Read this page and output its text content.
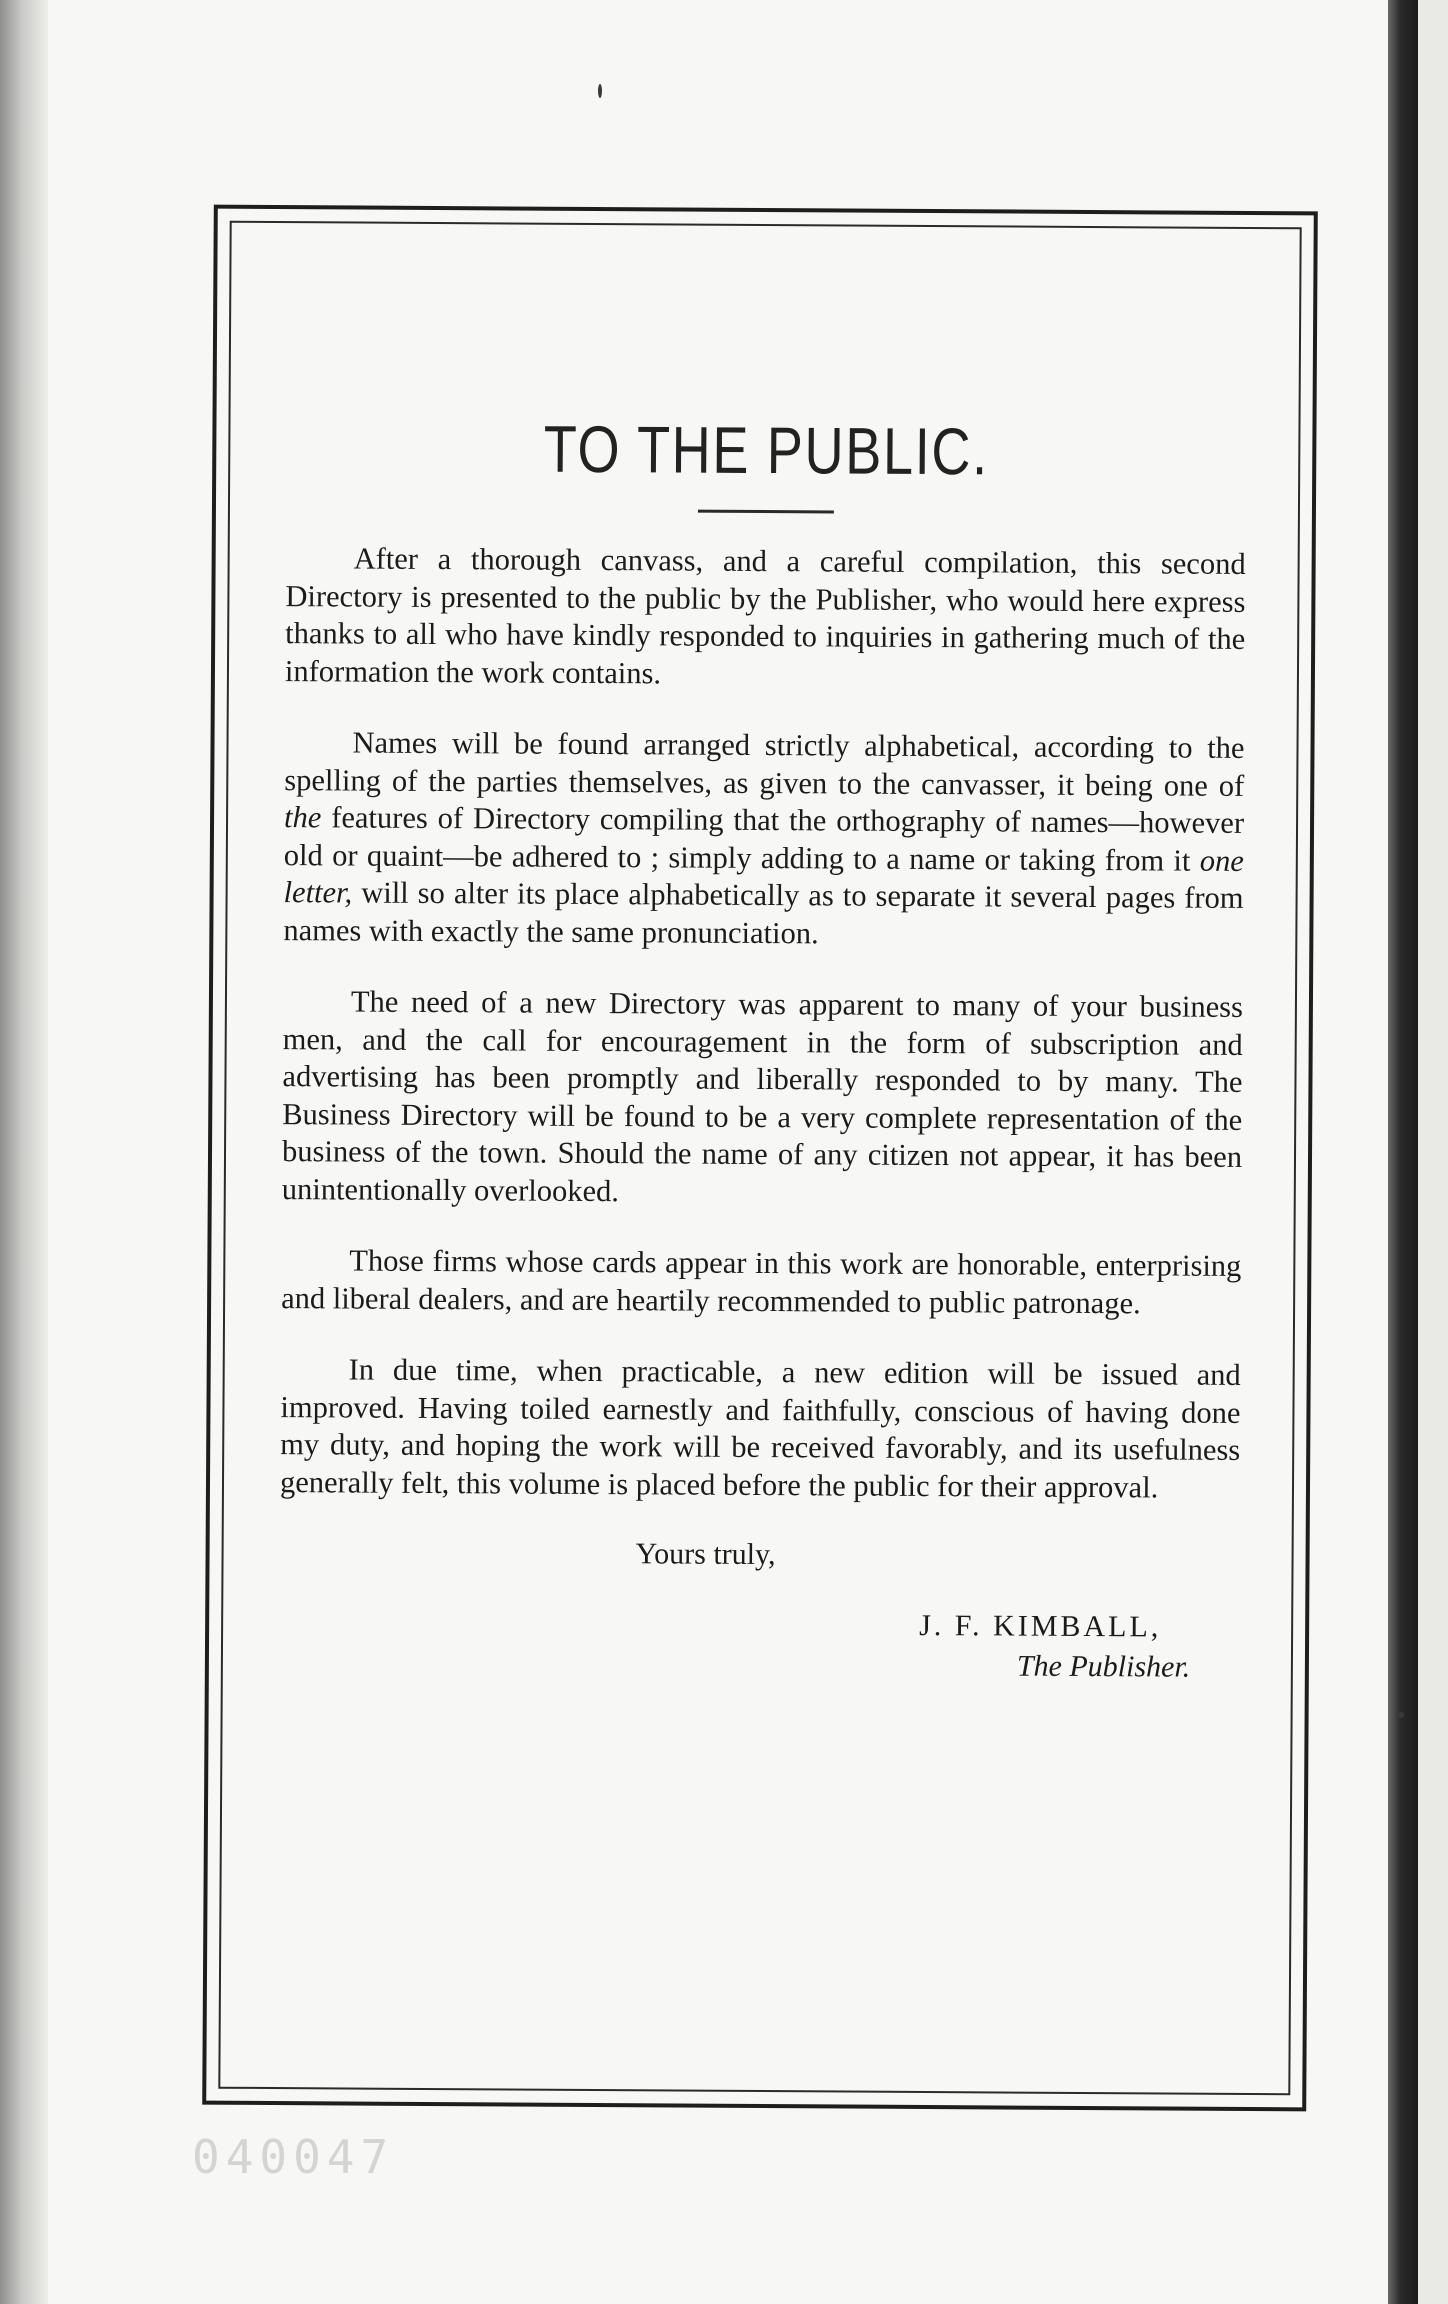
TO THE PUBLIC.

After a thorough canvass, and a careful compilation, this second Directory is presented to the public by the Publisher, who would here express thanks to all who have kindly responded to inquiries in gathering much of the information the work contains.

Names will be found arranged strictly alphabetical, according to the spelling of the parties themselves, as given to the canvasser, it being one of the features of Directory compiling that the orthography of names—however old or quaint—be adhered to ; simply adding to a name or taking from it one letter, will so alter its place alphabetically as to separate it several pages from names with exactly the same pronunciation.

The need of a new Directory was apparent to many of your business men, and the call for encouragement in the form of subscription and advertising has been promptly and liberally responded to by many. The Business Directory will be found to be a very complete representation of the business of the town. Should the name of any citizen not appear, it has been unintentionally overlooked.

Those firms whose cards appear in this work are honorable, enterprising and liberal dealers, and are heartily recommended to public patronage.

In due time, when practicable, a new edition will be issued and improved. Having toiled earnestly and faithfully, conscious of having done my duty, and hoping the work will be received favorably, and its usefulness generally felt, this volume is placed before the public for their approval.

Yours truly,
J. F. KIMBALL,
The Publisher.
040047
